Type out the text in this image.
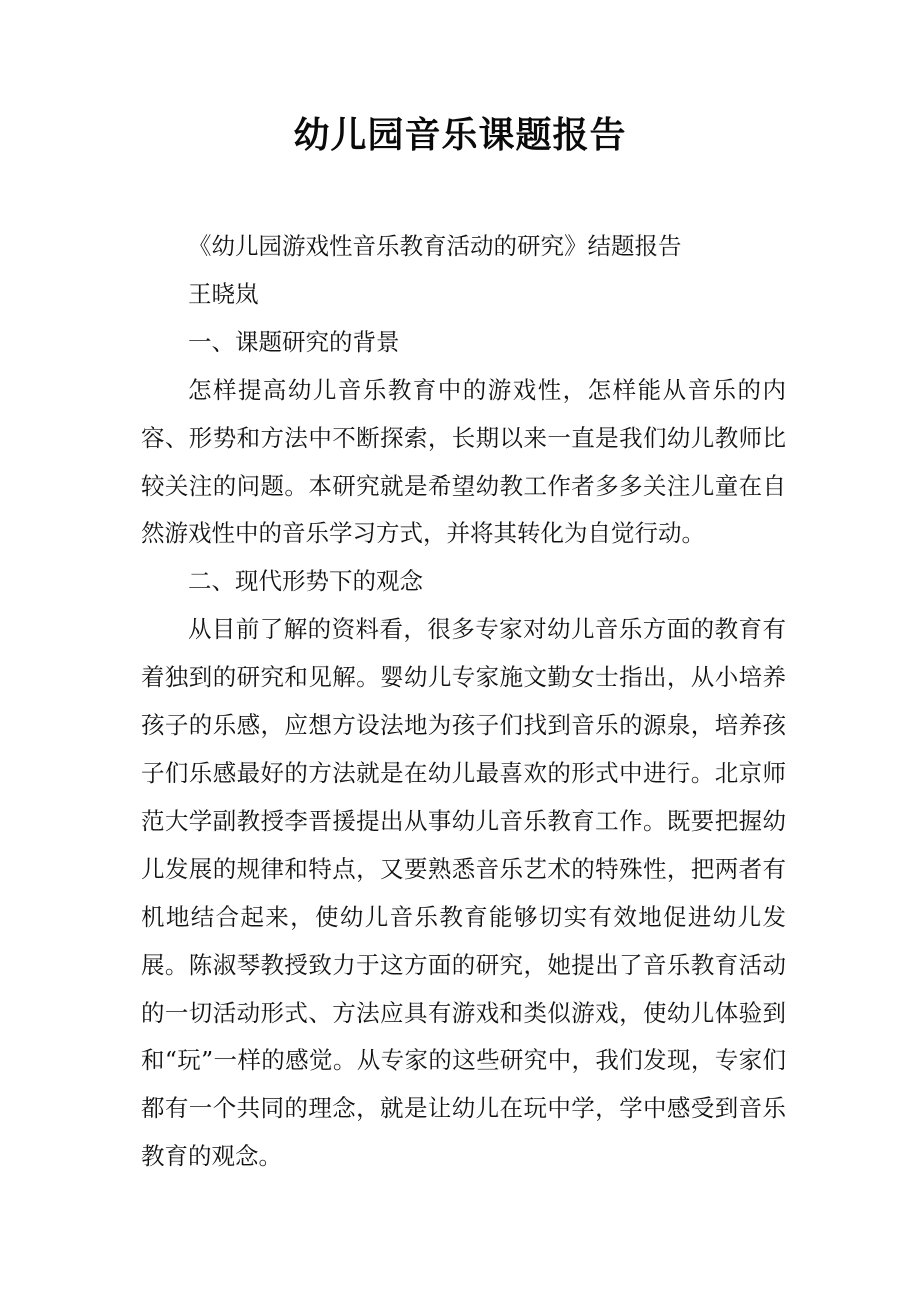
幼儿园音乐课题报告

《幼儿园游戏性音乐教育活动的研究》结题报告

王晓岚

一、课题研究的背景

怎样提高幼儿音乐教育中的游戏性，怎样能从音乐的内容、形势和方法中不断探索，长期以来一直是我们幼儿教师比较关注的问题。本研究就是希望幼教工作者多多关注儿童在自然游戏性中的音乐学习方式，并将其转化为自觉行动。

二、现代形势下的观念

从目前了解的资料看，很多专家对幼儿音乐方面的教育有着独到的研究和见解。婴幼儿专家施文勤女士指出，从小培养孩子的乐感，应想方设法地为孩子们找到音乐的源泉，培养孩子们乐感最好的方法就是在幼儿最喜欢的形式中进行。北京师范大学副教授李晋援提出从事幼儿音乐教育工作。既要把握幼儿发展的规律和特点，又要熟悉音乐艺术的特殊性，把两者有机地结合起来，使幼儿音乐教育能够切实有效地促进幼儿发展。陈淑琴教授致力于这方面的研究，她提出了音乐教育活动的一切活动形式、方法应具有游戏和类似游戏，使幼儿体验到和“玩”一样的感觉。从专家的这些研究中，我们发现，专家们都有一个共同的理念，就是让幼儿在玩中学，学中感受到音乐教育的观念。
